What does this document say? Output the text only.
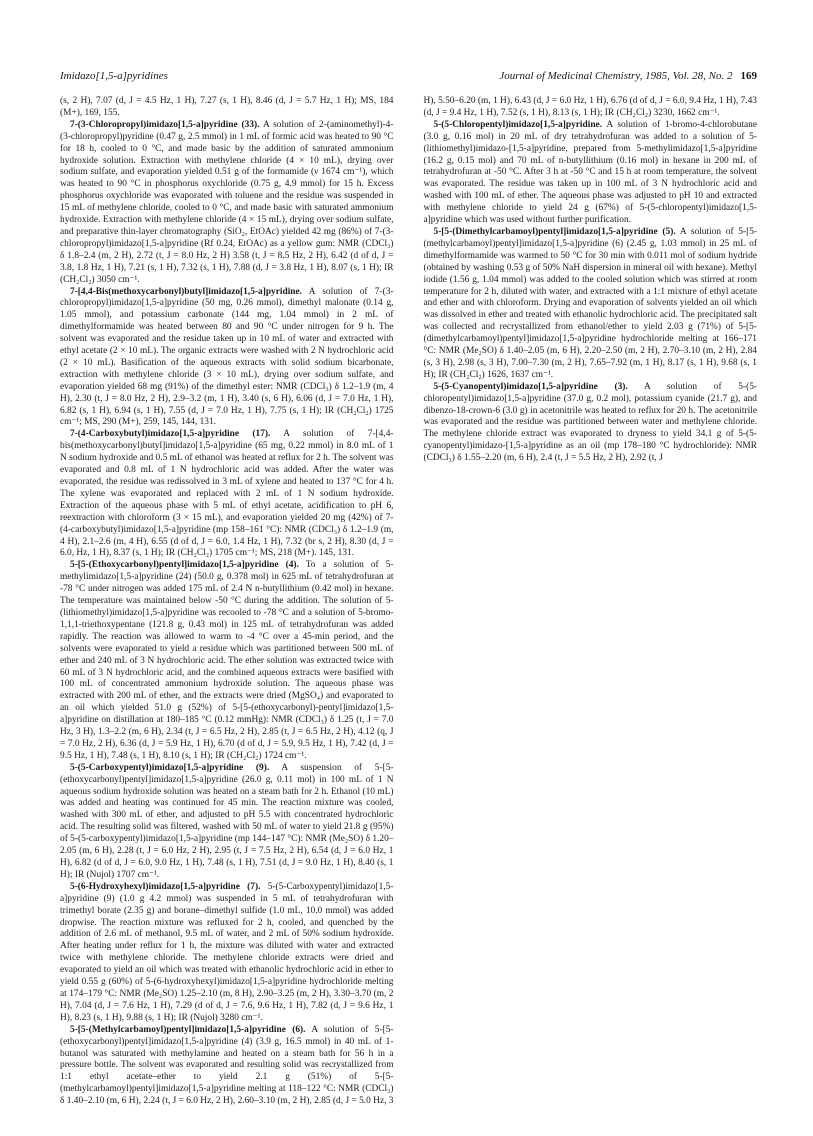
Imidazo[1,5-a]pyridines	Journal of Medicinal Chemistry, 1985, Vol. 28, No. 2 169

(s, 2 H), 7.07 (d, J = 4.5 Hz, 1 H), 7.27 (s, 1 H), 8.46 (d, J = 5.7 Hz, 1 H); MS, 184 (M+), 169, 155.

7-(3-Chloropropyl)imidazo[1,5-a]pyridine (33). A solution of 2-(aminomethyl)-4-(3-chloropropyl)pyridine (0.47 g, 2.5 mmol) in 1 mL of formic acid was heated to 90 °C for 18 h, cooled to 0 °C, and made basic by the addition of saturated ammonium hydroxide solution. Extraction with methylene chloride (4 × 10 mL), drying over sodium sulfate, and evaporation yielded 0.51 g of the formamide (ν 1674 cm⁻¹), which was heated to 90 °C in phosphorus oxychloride (0.75 g, 4.9 mmol) for 15 h. Excess phosphorus oxychloride was evaporated with toluene and the residue was suspended in 15 mL of methylene chloride, cooled to 0 °C, and made basic with saturated ammonium hydroxide. Extraction with methylene chloride (4 × 15 mL), drying over sodium sulfate, and preparative thin-layer chromatography (SiO₂, EtOAc) yielded 42 mg (86%) of 7-(3-chloropropyl)imidazo[1,5-a]pyridine (Rf 0.24, EtOAc) as a yellow gum: NMR (CDCl₃) δ 1.8–2.4 (m, 2 H), 2.72 (t, J = 8.0 Hz, 2 H) 3.58 (t, J = 8.5 Hz, 2 H), 6.42 (d of d, J = 3.8, 1.8 Hz, 1 H), 7.21 (s, 1 H), 7.32 (s, 1 H), 7.88 (d, J = 3.8 Hz, 1 H), 8.07 (s, 1 H); IR (CH₂Cl₂) 3050 cm⁻¹.

7-[4,4-Bis(methoxycarbonyl)butyl]imidazo[1,5-a]pyridine. A solution of 7-(3-chloropropyl)imidazo[1,5-a]pyridine (50 mg, 0.26 mmol), dimethyl malonate (0.14 g, 1.05 mmol), and potassium carbonate (144 mg, 1.04 mmol) in 2 mL of dimethylformamide was heated between 80 and 90 °C under nitrogen for 9 h. The solvent was evaporated and the residue taken up in 10 mL of water and extracted with ethyl acetate (2 × 10 mL). The organic extracts were washed with 2 N hydrochloric acid (2 × 10 mL). Basification of the aqueous extracts with solid sodium bicarbonate, extraction with methylene chloride (3 × 10 mL), drying over sodium sulfate, and evaporation yielded 68 mg (91%) of the dimethyl ester: NMR (CDCl₃) δ 1.2–1.9 (m, 4 H), 2.30 (t, J = 8.0 Hz, 2 H), 2.9–3.2 (m, 1 H), 3.40 (s, 6 H), 6.06 (d, J = 7.0 Hz, 1 H), 6.82 (s, 1 H), 6.94 (s, 1 H), 7.55 (d, J = 7.0 Hz, 1 H), 7.75 (s, 1 H); IR (CH₂Cl₂) 1725 cm⁻¹; MS, 290 (M+), 259, 145, 144, 131.

7-(4-Carboxybutyl)imidazo[1,5-a]pyridine (17). A solution of 7-[4,4-bis(methoxycarbonyl)butyl]imidazo[1,5-a]pyridine (65 mg, 0.22 mmol) in 8.0 mL of 1 N sodium hydroxide and 0.5 mL of ethanol was heated at reflux for 2 h. The solvent was evaporated and 0.8 mL of 1 N hydrochloric acid was added. After the water was evaporated, the residue was redissolved in 3 mL of xylene and heated to 137 °C for 4 h. The xylene was evaporated and replaced with 2 mL of 1 N sodium hydroxide. Extraction of the aqueous phase with 5 mL of ethyl acetate, acidification to pH 6, reextraction with chloroform (3 × 15 mL), and evaporation yielded 20 mg (42%) of 7-(4-carboxybutyl)imidazo[1,5-a]pyridine (mp 158–161 °C): NMR (CDCl₃) δ 1.2–1.9 (m, 4 H), 2.1–2.6 (m, 4 H), 6.55 (d of d, J = 6.0, 1.4 Hz, 1 H), 7.32 (br s, 2 H), 8.30 (d, J = 6.0, Hz, 1 H), 8.37 (s, 1 H); IR (CH₂Cl₂) 1705 cm⁻¹; MS, 218 (M+). 145, 131.

5-[5-(Ethoxycarbonyl)pentyl]imidazo[1,5-a]pyridine (4). To a solution of 5-methylimidazo[1,5-a]pyridine (24) (50.0 g, 0.378 mol) in 625 mL of tetrahydrofuran at -78 °C under nitrogen was added 175 mL of 2.4 N n-butyllithium (0.42 mol) in hexane. The temperature was maintained below -50 °C during the addition. The solution of 5-(lithiomethyl)imidazo[1,5-a]pyridine was recooled to -78 °C and a solution of 5-bromo-1,1,1-triethoxypentane (121.8 g, 0.43 mol) in 125 mL of tetrahydrofuran was added rapidly. The reaction was allowed to warm to -4 °C over a 45-min period, and the solvents were evaporated to yield a residue which was partitioned between 500 mL of ether and 240 mL of 3 N hydrochloric acid. The ether solution was extracted twice with 60 mL of 3 N hydrochloric acid, and the combined aqueous extracts were basified with 100 mL of concentrated ammonium hydroxide solution. The aqueous phase was extracted with 200 mL of ether, and the extracts were dried (MgSO₄) and evaporated to an oil which yielded 51.0 g (52%) of 5-[5-(ethoxycarbonyl)-pentyl]imidazo[1,5-a]pyridine on distillation at 180–185 °C (0.12 mmHg): NMR (CDCl₃) δ 1.25 (t, J = 7.0 Hz, 3 H), 1.3–2.2 (m, 6 H), 2.34 (t, J = 6.5 Hz, 2 H), 2.85 (t, J = 6.5 Hz, 2 H), 4.12 (q, J = 7.0 Hz, 2 H), 6.36 (d, J = 5.9 Hz, 1 H), 6.70 (d of d, J = 5.9, 9.5 Hz, 1 H), 7.42 (d, J = 9.5 Hz, 1 H), 7.48 (s, 1 H), 8.10 (s, 1 H); IR (CH₂Cl₂) 1724 cm⁻¹.

5-(5-Carboxypentyl)imidazo[1,5-a]pyridine (9). A suspension of 5-[5-(ethoxycarbonyl)pentyl]imidazo[1,5-a]pyridine (26.0 g, 0.11 mol) in 100 mL of 1 N aqueous sodium hydroxide solution was heated on a steam bath for 2 h. Ethanol (10 mL) was added and heating was continued for 45 min. The reaction mixture was cooled, washed with 300 mL of ether, and adjusted to pH 5.5 with concentrated hydrochloric acid. The resulting solid was filtered, washed with 50 mL of water to yield 21.8 g (95%) of 5-(5-carboxypentyl)imidazo[1,5-a]pyridine (mp 144–147 °C): NMR (Me₂SO) δ 1.20–2.05 (m, 6 H), 2.28 (t, J = 6.0 Hz, 2 H), 2.95 (t, J = 7.5 Hz, 2 H), 6.54 (d, J = 6.0 Hz, 1 H), 6.82 (d of d, J = 6.0, 9.0 Hz, 1 H), 7.48 (s, 1 H), 7.51 (d, J = 9.0 Hz, 1 H), 8.40 (s, 1 H); IR (Nujol) 1707 cm⁻¹.

5-(6-Hydroxyhexyl)imidazo[1,5-a]pyridine (7). 5-(5-Carboxypentyl)imidazo[1,5-a]pyridine (9) (1.0 g 4.2 mmol) was suspended in 5 mL of tetrahydrofuran with trimethyl borate (2.35 g) and borane–dimethyl sulfide (1.0 mL, 10.0 mmol) was added dropwise. The reaction mixture was refluxed for 2 h, cooled, and quenched by the addition of 2.6 mL of methanol, 9.5 mL of water, and 2 mL of 50% sodium hydroxide. After heating under reflux for 1 h, the mixture was diluted with water and extracted twice with methylene chloride. The methylene chloride extracts were dried and evaporated to yield an oil which was treated with ethanolic hydrochloric acid in ether to yield 0.55 g (60%) of 5-(6-hydroxyhexyl)imidazo[1,5-a]pyridine hydrochloride melting at 174–179 °C: NMR (Me₂SO) 1.25–2.10 (m, 8 H), 2.90–3.25 (m, 2 H), 3.30–3.70 (m, 2 H), 7.04 (d, J = 7.6 Hz, 1 H), 7.29 (d of d, J = 7.6, 9.6 Hz, 1 H), 7.82 (d, J = 9.6 Hz, 1 H), 8.23 (s, 1 H), 9.88 (s, 1 H); IR (Nujol) 3280 cm⁻¹.

5-[5-(Methylcarbamoyl)pentyl]imidazo[1,5-a]pyridine (6). A solution of 5-[5-(ethoxycarbonyl)pentyl]imidazo[1,5-a]pyridine (4) (3.9 g, 16.5 mmol) in 40 mL of 1-butanol was saturated with methylamine and heated on a steam bath for 56 h in a pressure bottle. The solvent was evaporated and resulting solid was recrystallized from 1:1 ethyl acetate–ether to yield 2.1 g (51%) of 5-[5-(methylcarbamoyl)pentyl]imidazo[1,5-a]pyridine melting at 118–122 °C: NMR (CDCl₃) δ 1.40–2.10 (m, 6 H), 2.24 (t, J = 6.0 Hz, 2 H), 2.60–3.10 (m, 2 H), 2.85 (d, J = 5.0 Hz, 3 H), 5.50–6.20 (m, 1 H), 6.43 (d, J = 6.0 Hz, 1 H), 6.76 (d of d, J = 6.0, 9.4 Hz, 1 H), 7.43 (d, J = 9.4 Hz, 1 H), 7.52 (s, 1 H), 8.13 (s, 1 H); IR (CH₂Cl₂) 3230, 1662 cm⁻¹.

5-(5-Chloropentyl)imidazo[1,5-a]pyridine. A solution of 1-bromo-4-chlorobutane (3.0 g, 0.16 mol) in 20 mL of dry tetrahydrofuran was added to a solution of 5-(lithiomethyl)imidazo-[1,5-a]pyridine, prepared from 5-methylimidazo[1,5-a]pyridine (16.2 g, 0.15 mol) and 70 mL of n-butyllithium (0.16 mol) in hexane in 200 mL of tetrahydrofuran at -50 °C. After 3 h at -50 °C and 15 h at room temperature, the solvent was evaporated. The residue was taken up in 100 mL of 3 N hydrochloric acid and washed with 100 mL of ether. The aqueous phase was adjusted to pH 10 and extracted with methylene chloride to yield 24 g (67%) of 5-(5-chloropentyl)imidazo[1,5-a]pyridine which was used without further purification.

5-[5-(Dimethylcarbamoyl)pentyl]imidazo[1,5-a]pyridine (5). A solution of 5-[5-(methylcarbamoyl)pentyl]imidazo[1,5-a]pyridine (6) (2.45 g, 1.03 mmol) in 25 mL of dimethylformamide was warmed to 50 °C for 30 min with 0.011 mol of sodium hydride (obtained by washing 0.53 g of 50% NaH dispersion in mineral oil with hexane). Methyl iodide (1.56 g, 1.04 mmol) was added to the cooled solution which was stirred at room temperature for 2 h, diluted with water, and extracted with a 1:1 mixture of ethyl acetate and ether and with chloroform. Drying and evaporation of solvents yielded an oil which was dissolved in ether and treated with ethanolic hydrochloric acid. The precipitated salt was collected and recrystallized from ethanol/ether to yield 2.03 g (71%) of 5-[5-(dimethylcarbamoyl)pentyl]imidazo[1,5-a]pyridine hydrochloride melting at 166–171 °C: NMR (Me₂SO) δ 1.40–2.05 (m, 6 H), 2.20–2.50 (m, 2 H), 2.70–3.10 (m, 2 H), 2.84 (s, 3 H), 2.98 (s, 3 H), 7.00–7.30 (m, 2 H), 7.65–7.92 (m, 1 H), 8.17 (s, 1 H), 9.68 (s, 1 H); IR (CH₂Cl₂) 1626, 1637 cm⁻¹.

5-(5-Cyanopentyl)imidazo[1,5-a]pyridine (3). A solution of 5-(5-chloropentyl)imidazo[1,5-a]pyridine (37.0 g, 0.2 mol), potassium cyanide (21.7 g), and dibenzo-18-crown-6 (3.0 g) in acetonitrile was heated to reflux for 20 h. The acetonitrile was evaporated and the residue was partitioned between water and methylene chloride. The methylene chloride extract was evaporated to dryness to yield 34.1 g of 5-(5-cyanopentyl)imidazo-[1,5-a]pyridine as an oil (mp 178–180 °C hydrochloride): NMR (CDCl₃) δ 1.55–2.20 (m, 6 H), 2.4 (t, J = 5.5 Hz, 2 H), 2.92 (t, J
